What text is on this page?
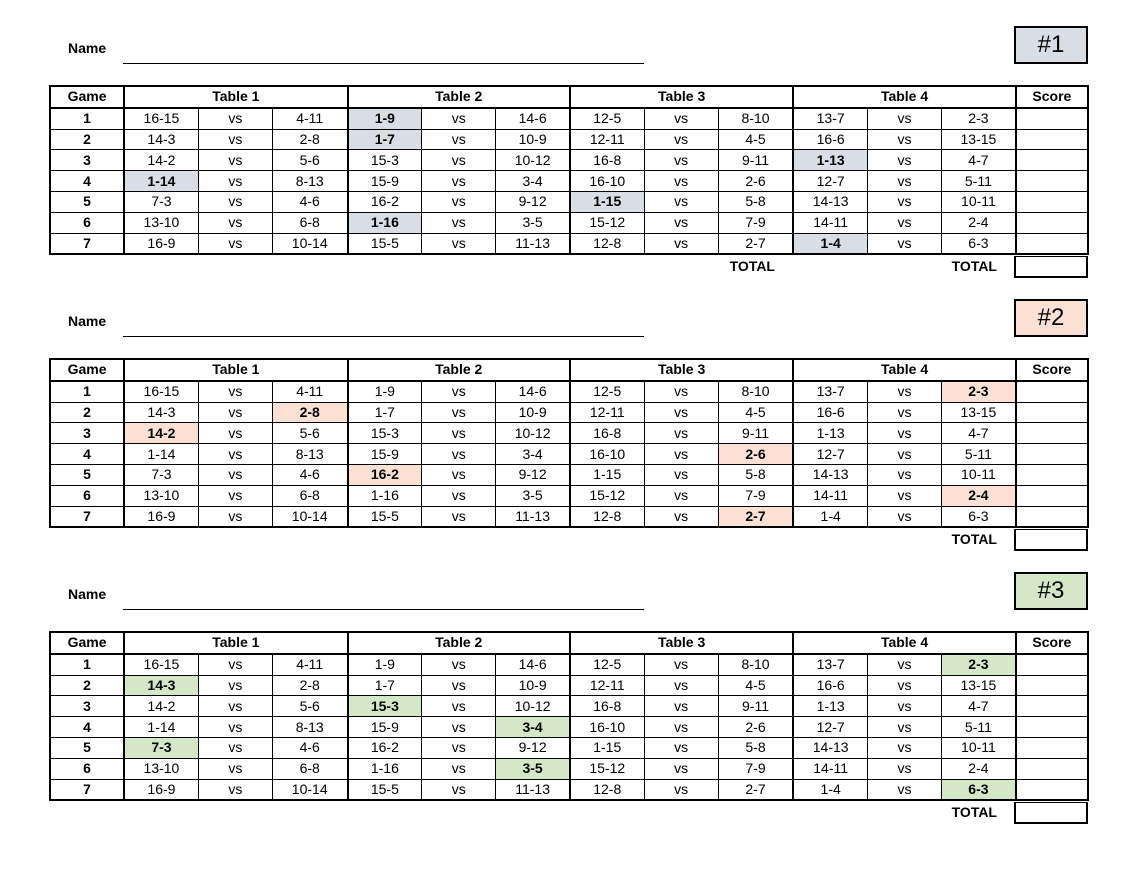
Name	#1
Game	Table 1			Table 2			Table 3			Table 4			Score
1	16-15	vs	4-11	1-9	vs	14-6	12-5	vs	8-10	13-7	vs	2-3	
2	14-3	vs	2-8	1-7	vs	10-9	12-11	vs	4-5	16-6	vs	13-15	
3	14-2	vs	5-6	15-3	vs	10-12	16-8	vs	9-11	1-13	vs	4-7	
4	1-14	vs	8-13	15-9	vs	3-4	16-10	vs	2-6	12-7	vs	5-11	
5	7-3	vs	4-6	16-2	vs	9-12	1-15	vs	5-8	14-13	vs	10-11	
6	13-10	vs	6-8	1-16	vs	3-5	15-12	vs	7-9	14-11	vs	2-4	
7	16-9	vs	10-14	15-5	vs	11-13	12-8	vs	2-7	1-4	vs	6-3	
TOTAL	TOTAL
Name	#2
Game	Table 1			Table 2			Table 3			Table 4			Score
1	16-15	vs	4-11	1-9	vs	14-6	12-5	vs	8-10	13-7	vs	2-3	
2	14-3	vs	2-8	1-7	vs	10-9	12-11	vs	4-5	16-6	vs	13-15	
3	14-2	vs	5-6	15-3	vs	10-12	16-8	vs	9-11	1-13	vs	4-7	
4	1-14	vs	8-13	15-9	vs	3-4	16-10	vs	2-6	12-7	vs	5-11	
5	7-3	vs	4-6	16-2	vs	9-12	1-15	vs	5-8	14-13	vs	10-11	
6	13-10	vs	6-8	1-16	vs	3-5	15-12	vs	7-9	14-11	vs	2-4	
7	16-9	vs	10-14	15-5	vs	11-13	12-8	vs	2-7	1-4	vs	6-3	
TOTAL
Name	#3
Game	Table 1			Table 2			Table 3			Table 4			Score
1	16-15	vs	4-11	1-9	vs	14-6	12-5	vs	8-10	13-7	vs	2-3	
2	14-3	vs	2-8	1-7	vs	10-9	12-11	vs	4-5	16-6	vs	13-15	
3	14-2	vs	5-6	15-3	vs	10-12	16-8	vs	9-11	1-13	vs	4-7	
4	1-14	vs	8-13	15-9	vs	3-4	16-10	vs	2-6	12-7	vs	5-11	
5	7-3	vs	4-6	16-2	vs	9-12	1-15	vs	5-8	14-13	vs	10-11	
6	13-10	vs	6-8	1-16	vs	3-5	15-12	vs	7-9	14-11	vs	2-4	
7	16-9	vs	10-14	15-5	vs	11-13	12-8	vs	2-7	1-4	vs	6-3	
TOTAL
